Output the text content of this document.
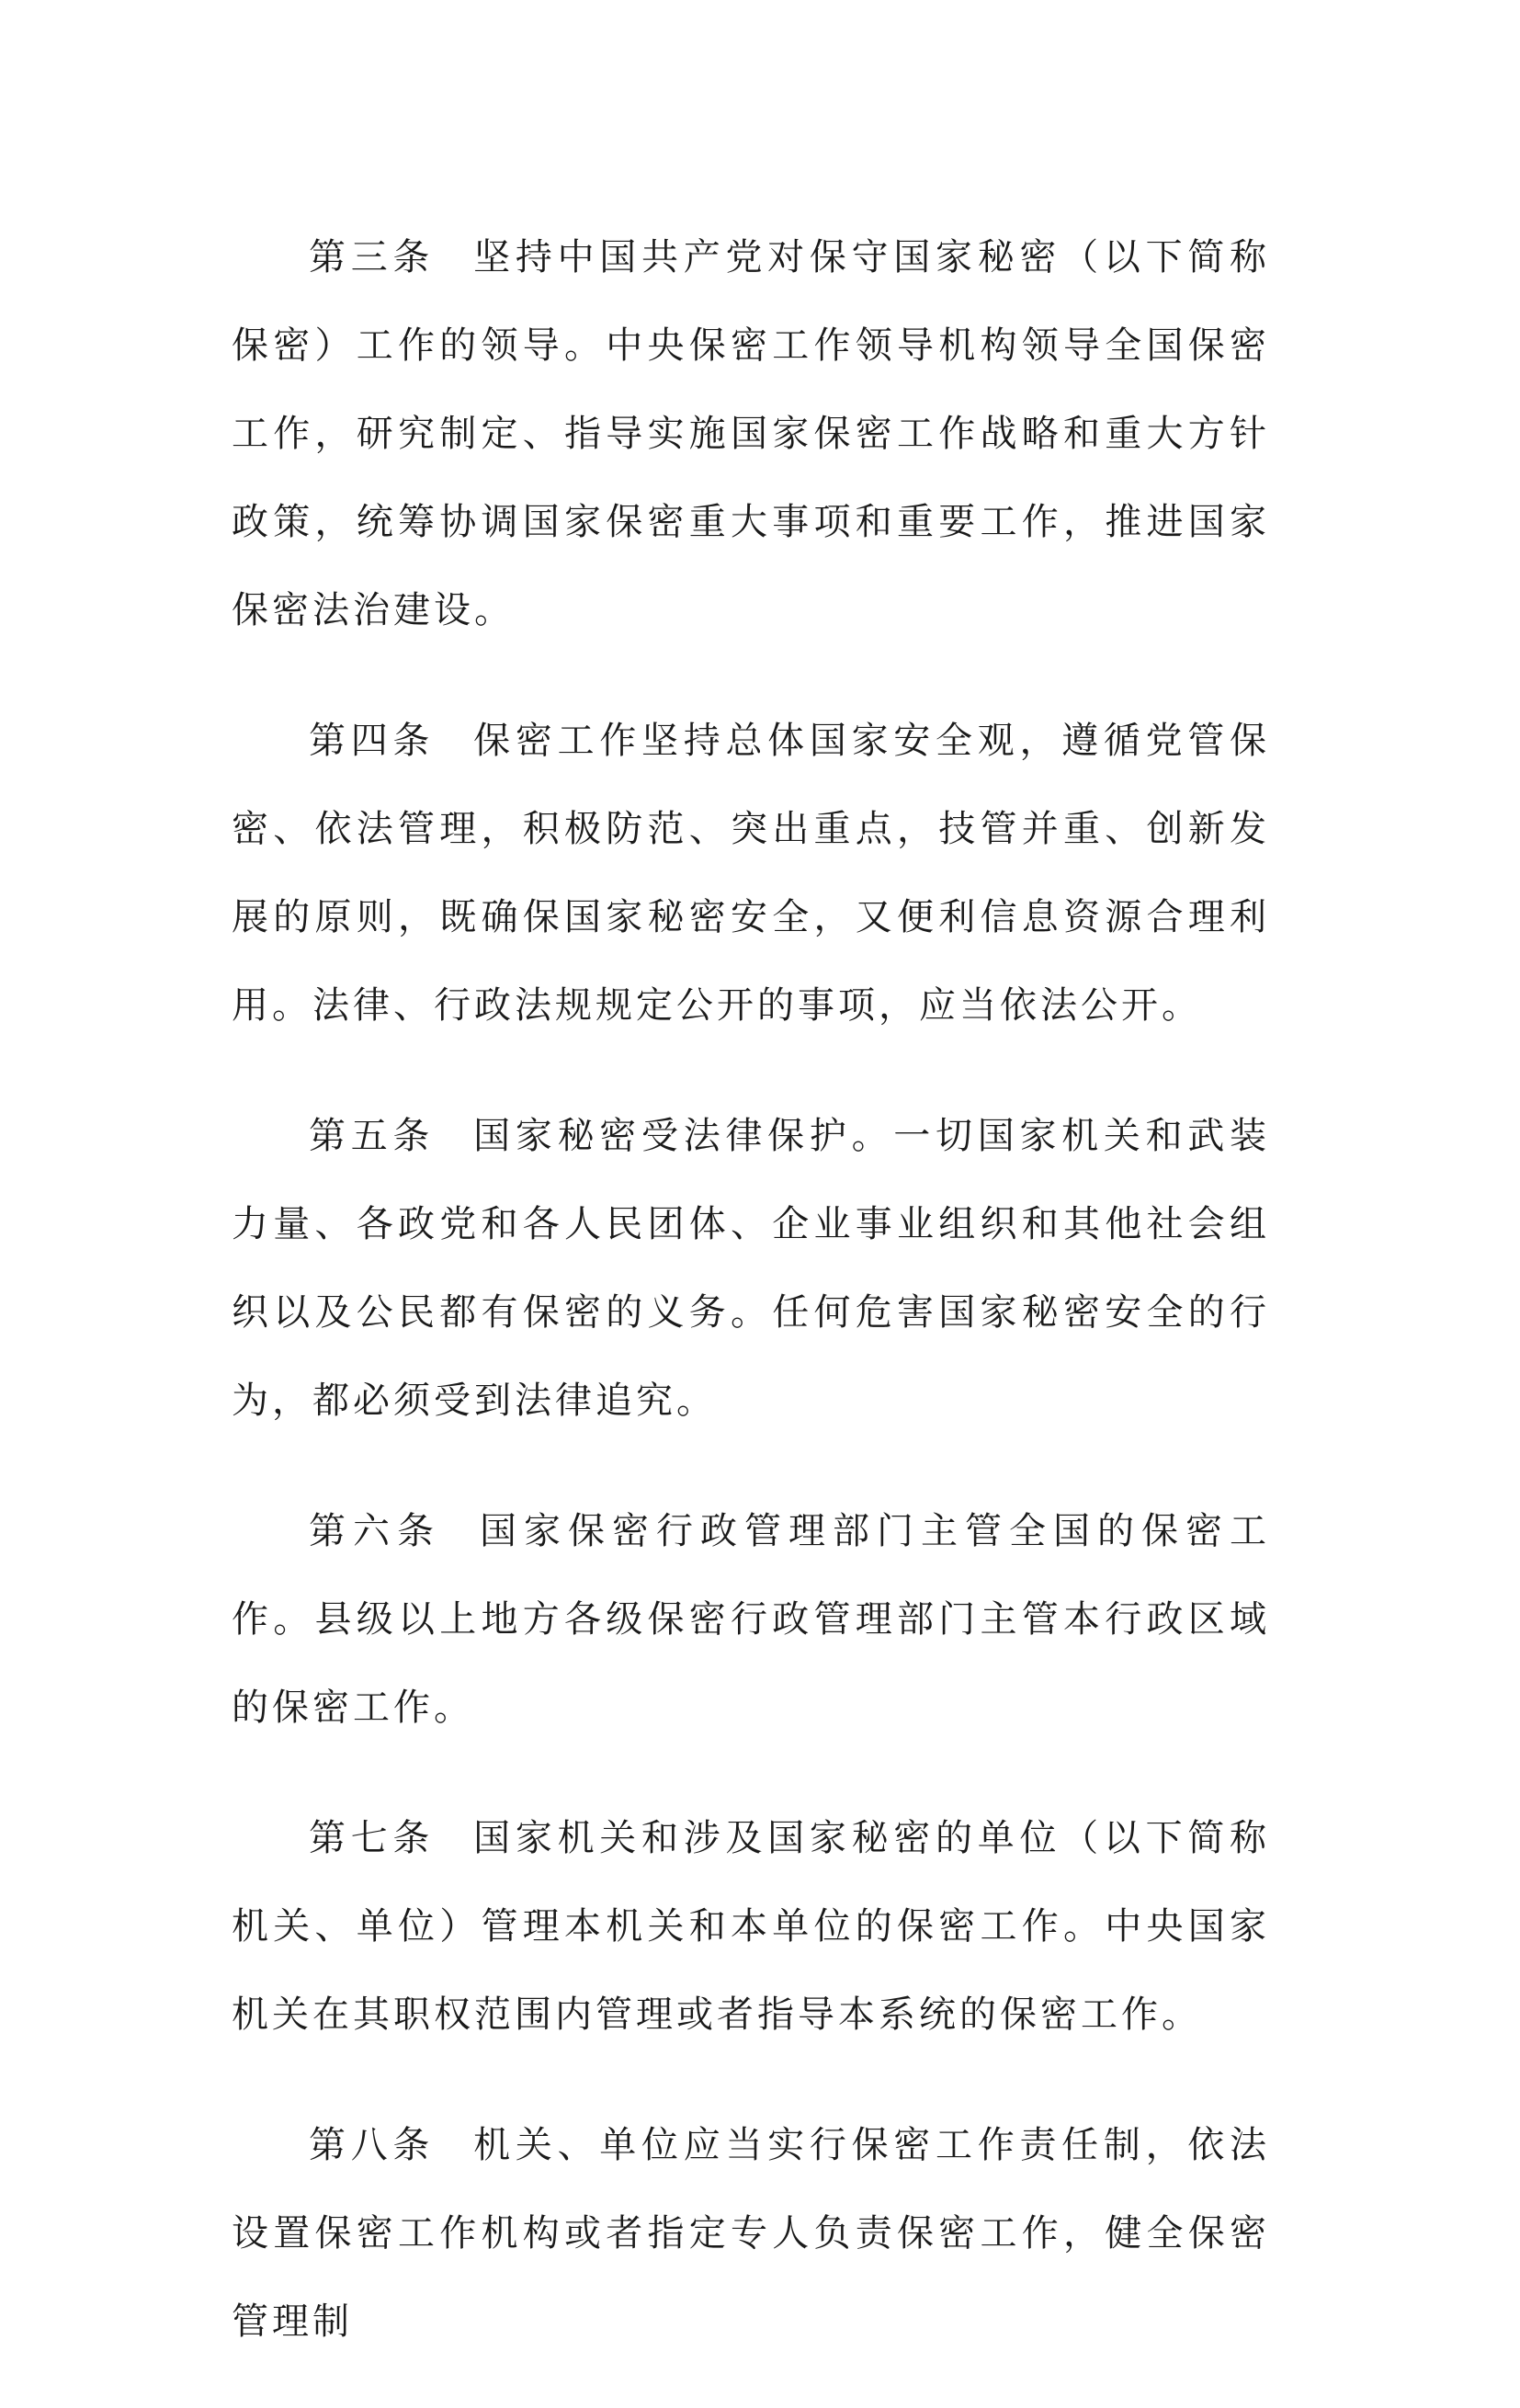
第三条 坚持中国共产党对保守国家秘密（以下简称保密）工作的领导。中央保密工作领导机构领导全国保密工作，研究制定、指导实施国家保密工作战略和重大方针政策，统筹协调国家保密重大事项和重要工作，推进国家保密法治建设。

第四条 保密工作坚持总体国家安全观，遵循党管保密、依法管理，积极防范、突出重点，技管并重、创新发展的原则，既确保国家秘密安全，又便利信息资源合理利用。法律、行政法规规定公开的事项，应当依法公开。

第五条 国家秘密受法律保护。一切国家机关和武装力量、各政党和各人民团体、企业事业组织和其他社会组织以及公民都有保密的义务。任何危害国家秘密安全的行为，都必须受到法律追究。

第六条 国家保密行政管理部门主管全国的保密工作。县级以上地方各级保密行政管理部门主管本行政区域的保密工作。

第七条 国家机关和涉及国家秘密的单位（以下简称机关、单位）管理本机关和本单位的保密工作。中央国家机关在其职权范围内管理或者指导本系统的保密工作。

第八条 机关、单位应当实行保密工作责任制，依法设置保密工作机构或者指定专人负责保密工作，健全保密管理制
